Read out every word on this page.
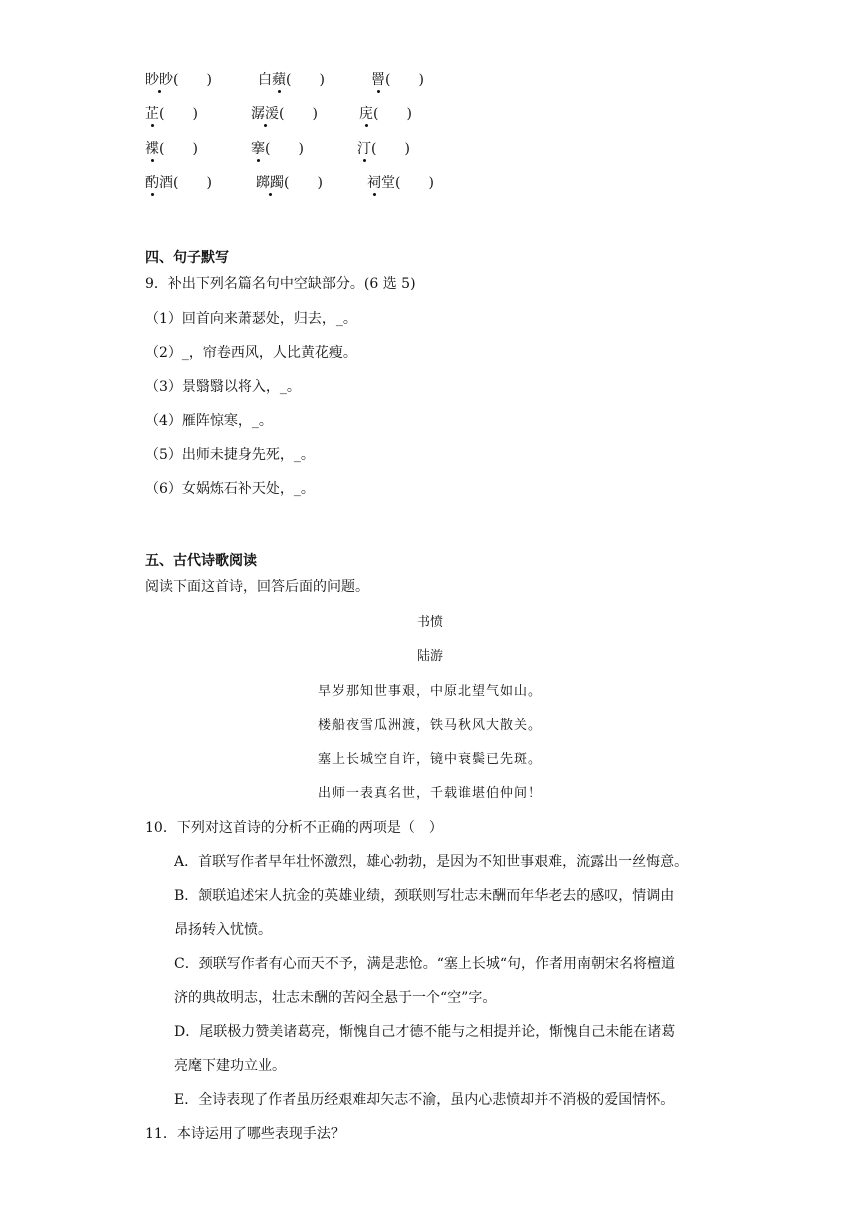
眇眇(　　)	白蘋(　　)	罾(　　)
芷(　　)	潺湲(　　)	庑(　　)
褋(　　)	搴(　　)	汀(　　)
酌酒(　　)	踯躅(　　)	祠堂(　　)
四、句子默写
9．补出下列名篇名句中空缺部分。(6 选 5)
（1）回首向来萧瑟处，归去，_。
（2）_，帘卷西风，人比黄花瘦。
（3）景翳翳以将入，_。
（4）雁阵惊寒，_。
（5）出师未捷身先死，_。
（6）女娲炼石补天处，_。
五、古代诗歌阅读
阅读下面这首诗，回答后面的问题。
书愤
陆游
早岁那知世事艰，中原北望气如山。
楼船夜雪瓜洲渡，铁马秋风大散关。
塞上长城空自许，镜中衰鬓已先斑。
出师一表真名世，千载谁堪伯仲间！
10．下列对这首诗的分析不正确的两项是（　）
A．首联写作者早年壮怀激烈，雄心勃勃，是因为不知世事艰难，流露出一丝悔意。
B．颔联追述宋人抗金的英雄业绩，颈联则写壮志未酬而年华老去的感叹，情调由
昂扬转入忧愤。
C．颈联写作者有心而天不予，满是悲怆。“塞上长城“句，作者用南朝宋名将檀道
济的典故明志，壮志未酬的苦闷全悬于一个“空”字。
D．尾联极力赞美诸葛亮，惭愧自己才德不能与之相提并论，惭愧自己未能在诸葛
亮麾下建功立业。
E．全诗表现了作者虽历经艰难却矢志不渝，虽内心悲愤却并不消极的爱国情怀。
11．本诗运用了哪些表现手法？
